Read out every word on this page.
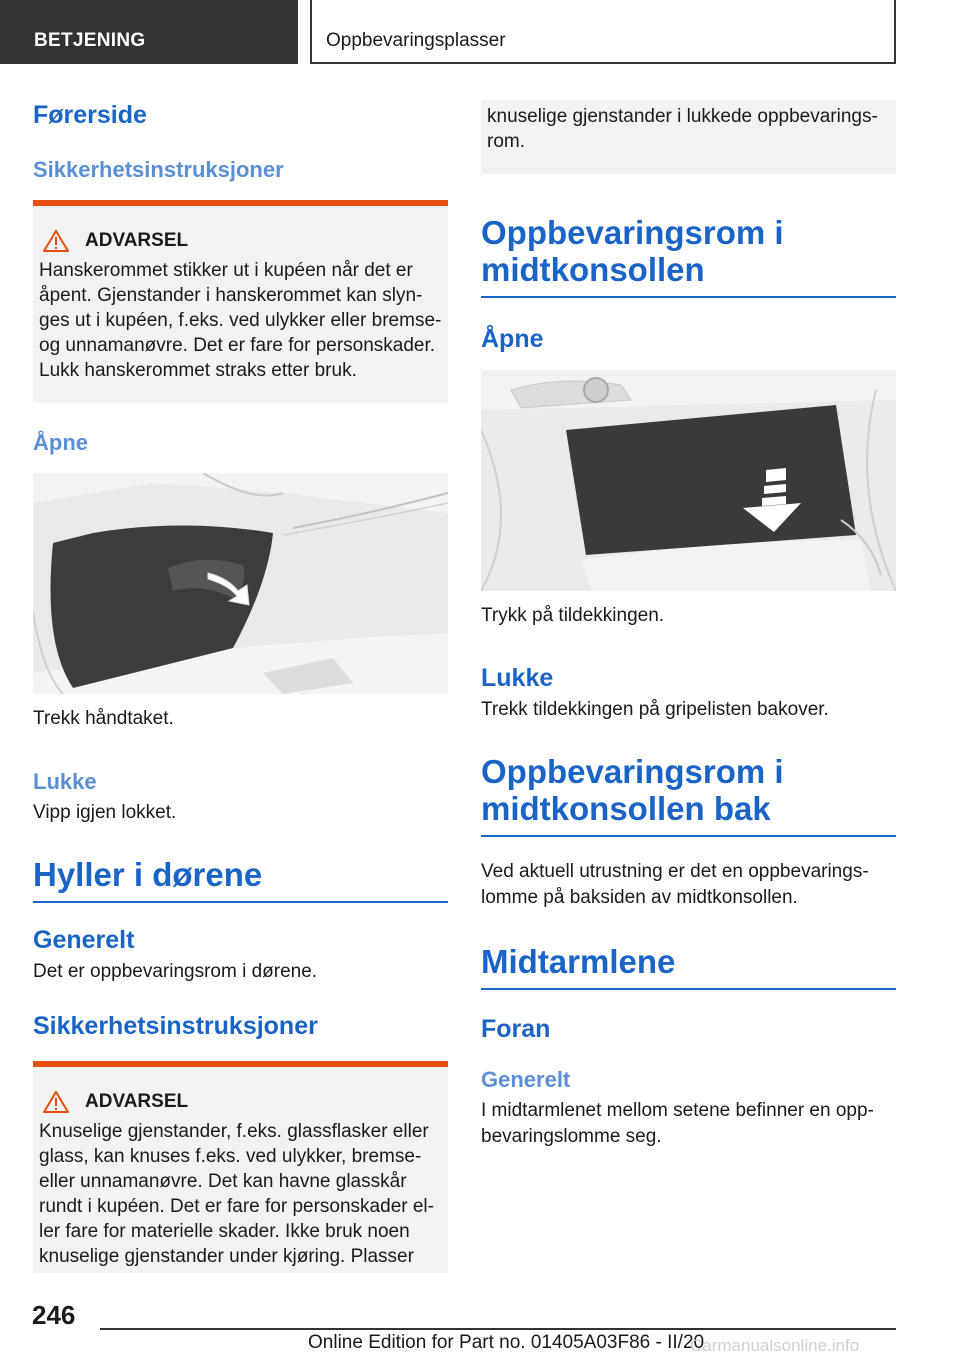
BETJENING	Oppbevaringsplasser
Førerside
Sikkerhetsinstruksjoner
ADVARSEL
Hanskerommet stikker ut i kupéen når det er åpent. Gjenstander i hanskerommet kan slynges ut i kupéen, f.eks. ved ulykker eller bremse- og unnamanøvre. Det er fare for personskader. Lukk hanskerommet straks etter bruk.
Åpne
Trekk håndtaket.
Lukke
Vipp igjen lokket.
Hyller i dørene
Generelt
Det er oppbevaringsrom i dørene.
Sikkerhetsinstruksjoner
ADVARSEL
Knuselige gjenstander, f.eks. glassflasker eller glass, kan knuses f.eks. ved ulykker, bremse- eller unnamanøvre. Det kan havne glasskår rundt i kupéen. Det er fare for personskader eller fare for materielle skader. Ikke bruk noen knuselige gjenstander under kjøring. Plasser
knuselige gjenstander i lukkede oppbevaringsrom.
Oppbevaringsrom i midtkonsollen
Åpne
Trykk på tildekkingen.
Lukke
Trekk tildekkingen på gripelisten bakover.
Oppbevaringsrom i midtkonsollen bak
Ved aktuell utrustning er det en oppbevaringslomme på baksiden av midtkonsollen.
Midtarmlene
Foran
Generelt
I midtarmlenet mellom setene befinner en oppbevaringslomme seg.
246
Online Edition for Part no. 01405A03F86 - II/20
Carmanualsonline.info
